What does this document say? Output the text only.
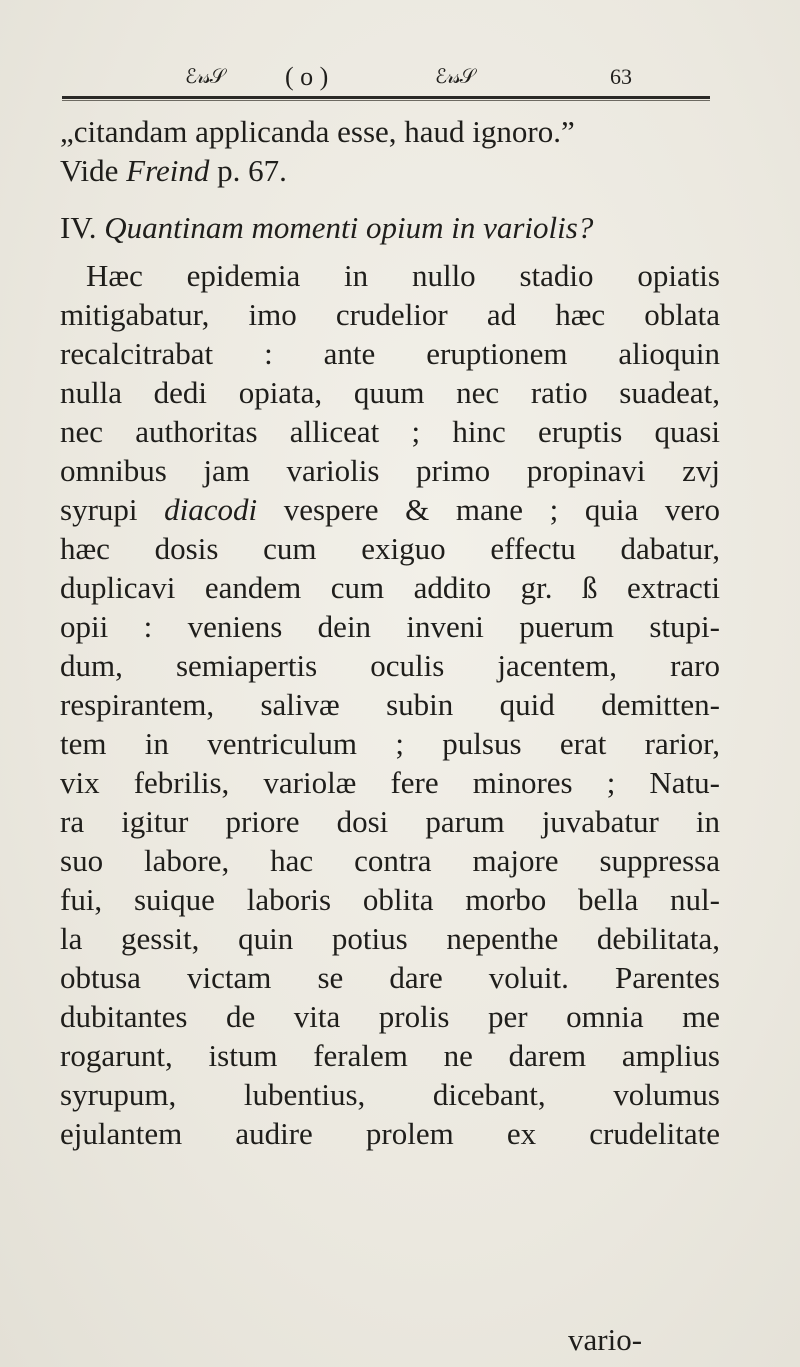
ℰ𝓇𝓈𝒮 ( o )	ℰ𝓇𝓈𝒮	63
„citandam applicanda esse, haud ignoro.”
Vide Freind p. 67.
IV. Quantinam momenti opium in variolis?
Hæc epidemia in nullo stadio opiatis
mitigabatur, imo crudelior ad hæc oblata
recalcitrabat : ante eruptionem alioquin
nulla dedi opiata, quum nec ratio suadeat,
nec authoritas alliceat ; hinc eruptis quasi
omnibus jam variolis primo propinavi zvj
syrupi diacodi vespere & mane ; quia vero
hæc dosis cum exiguo effectu dabatur,
duplicavi eandem cum addito gr. ß extracti
opii : veniens dein inveni puerum stupi-
dum, semiapertis oculis jacentem, raro
respirantem, salivæ subin quid demitten-
tem in ventriculum ; pulsus erat rarior,
vix febrilis, variolæ fere minores ; Natu-
ra igitur priore dosi parum juvabatur in
suo labore, hac contra majore suppressa
fui, suique laboris oblita morbo bella nul-
la gessit, quin potius nepenthe debilitata,
obtusa victam se dare voluit. Parentes
dubitantes de vita prolis per omnia me
rogarunt, istum feralem ne darem amplius
syrupum, lubentius, dicebant, volumus
ejulantem audire prolem ex crudelitate
vario-
